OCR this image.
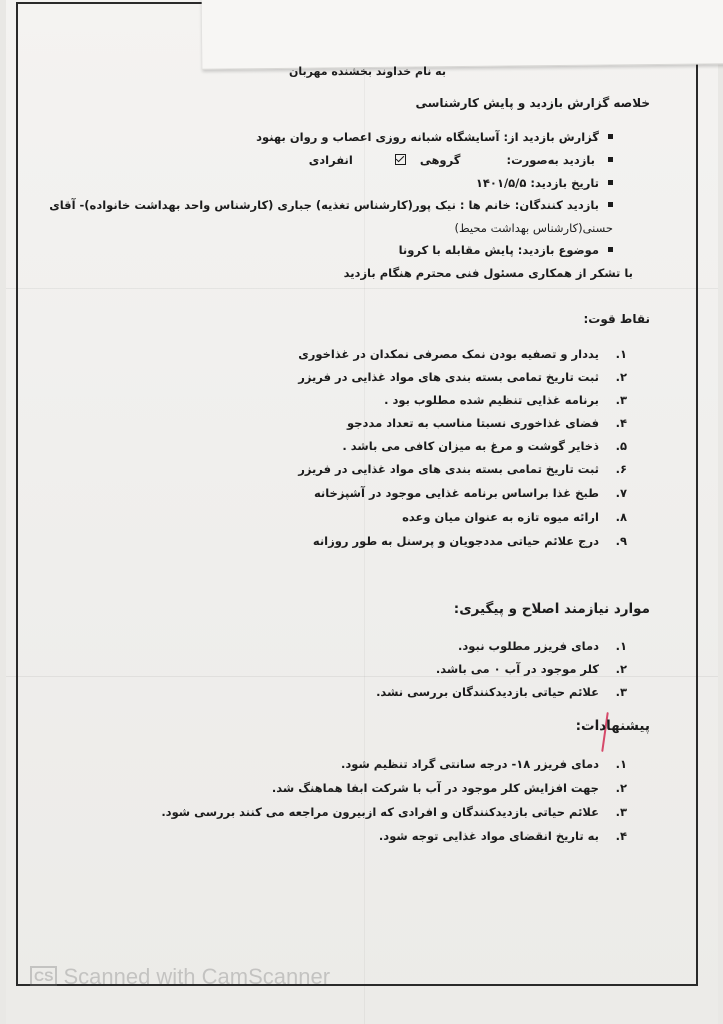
به نام خداوند بخشنده مهربان
خلاصه گزارش بازدید و پایش کارشناسی
گزارش بازدید از: آسایشگاه شبانه روزی اعصاب و روان بهنود
بازدید به‌صورت:  گروهی   انفرادی
تاریخ بازدید: ۱۴۰۱/۵/۵
بازدید کنندگان: خانم ها : نیک پور(کارشناس تغذیه) جباری (کارشناس واحد بهداشت خانواده)- آقای
حسنی(کارشناس بهداشت محیط)
موضوع بازدید: پایش مقابله با کرونا
با تشکر از همکاری مسئول فنی محترم هنگام بازدید
نقاط قوت:
۱. یددار و تصفیه بودن نمک مصرفی نمکدان در غذاخوری
۲. ثبت تاریخ تمامی بسته بندی های مواد غذایی در فریزر
۳. برنامه غذایی تنظیم شده مطلوب بود .
۴. فضای غذاخوری نسبتا مناسب به تعداد مددجو
۵. ذخایر گوشت و مرغ به میزان کافی می باشد .
۶. ثبت تاریخ تمامی بسته بندی های مواد غذایی در فریزر
۷. طبخ غذا براساس برنامه غذایی موجود در آشپزخانه
۸. ارائه میوه تازه به عنوان میان وعده
۹. درج علائم حیاتی مددجویان و پرسنل به طور روزانه
موارد نیازمند اصلاح و پیگیری:
۱. دمای فریزر مطلوب نبود.
۲. کلر موجود در آب ۰ می باشد.
۳. علائم حیاتی بازدیدکنندگان بررسی نشد.
پیشنهادات:
۱. دمای فریزر ۱۸- درجه سانتی گراد تنظیم شود.
۲. جهت افزایش کلر موجود در آب با شرکت ابفا هماهنگ شد.
۳. علائم حیاتی بازدیدکنندگان و افرادی که ازبیرون مراجعه می کنند بررسی شود.
۴. به تاریخ انقضای مواد غذایی توجه شود.
CS Scanned with CamScanner
